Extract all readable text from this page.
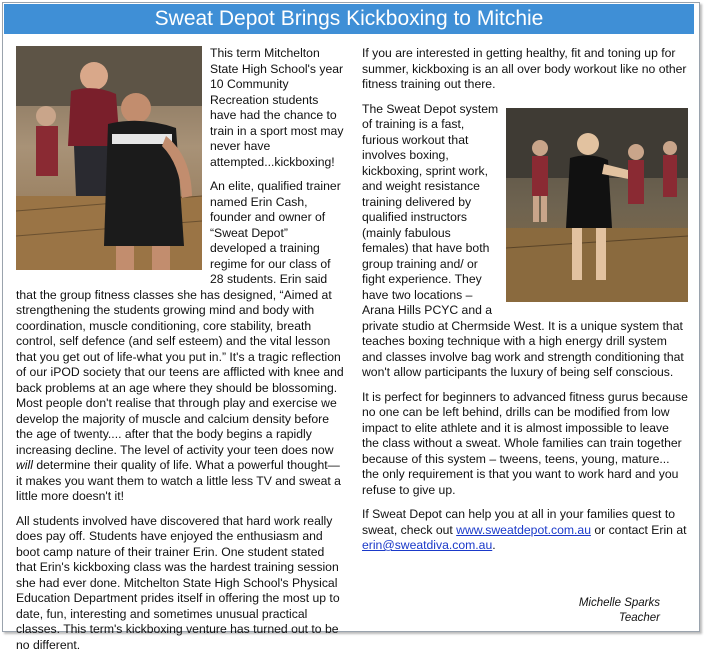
Sweat Depot Brings Kickboxing to Mitchie

This term Mitchelton State High School's year 10 Community Recreation students have had the chance to train in a sport most may never have attempted...kickboxing!

An elite, qualified trainer named Erin Cash, founder and owner of “Sweat Depot” developed a training regime for our class of 28 students. Erin said that the group fitness classes she has designed, “Aimed at strengthening the students growing mind and body with coordination, muscle conditioning, core stability, breath control, self defence (and self esteem) and the vital lesson that you get out of life-what you put in.” It's a tragic reflection of our iPOD society that our teens are afflicted with knee and back problems at an age where they should be blossoming. Most people don't realise that through play and exercise we develop the majority of muscle and calcium density before the age of twenty.... after that the body begins a rapidly increasing decline. The level of activity your teen does now will determine their quality of life. What a powerful thought—it makes you want them to watch a little less TV and sweat a little more doesn't it!

All students involved have discovered that hard work really does pay off. Students have enjoyed the enthusiasm and boot camp nature of their trainer Erin. One student stated that Erin's kickboxing class was the hardest training session she had ever done. Mitchelton State High School's Physical Education Department prides itself in offering the most up to date, fun, interesting and sometimes unusual practical classes. This term's kickboxing venture has turned out to be no different.

If you are interested in getting healthy, fit and toning up for summer, kickboxing is an all over body workout like no other fitness training out there.

The Sweat Depot system of training is a fast, furious workout that involves boxing, kickboxing, sprint work, and weight resistance training delivered by qualified instructors (mainly fabulous females) that have both group training and/ or fight experience. They have two locations – Arana Hills PCYC and a private studio at Chermside West. It is a unique system that teaches boxing technique with a high energy drill system and classes involve bag work and strength conditioning that won't allow participants the luxury of being self conscious.

It is perfect for beginners to advanced fitness gurus because no one can be left behind, drills can be modified from low impact to elite athlete and it is almost impossible to leave the class without a sweat. Whole families can train together because of this system – tweens, teens, young, mature... the only requirement is that you want to work hard and you refuse to give up.

If Sweat Depot can help you at all in your families quest to sweat, check out www.sweatdepot.com.au or contact Erin at erin@sweatdiva.com.au.

Michelle Sparks
Teacher
